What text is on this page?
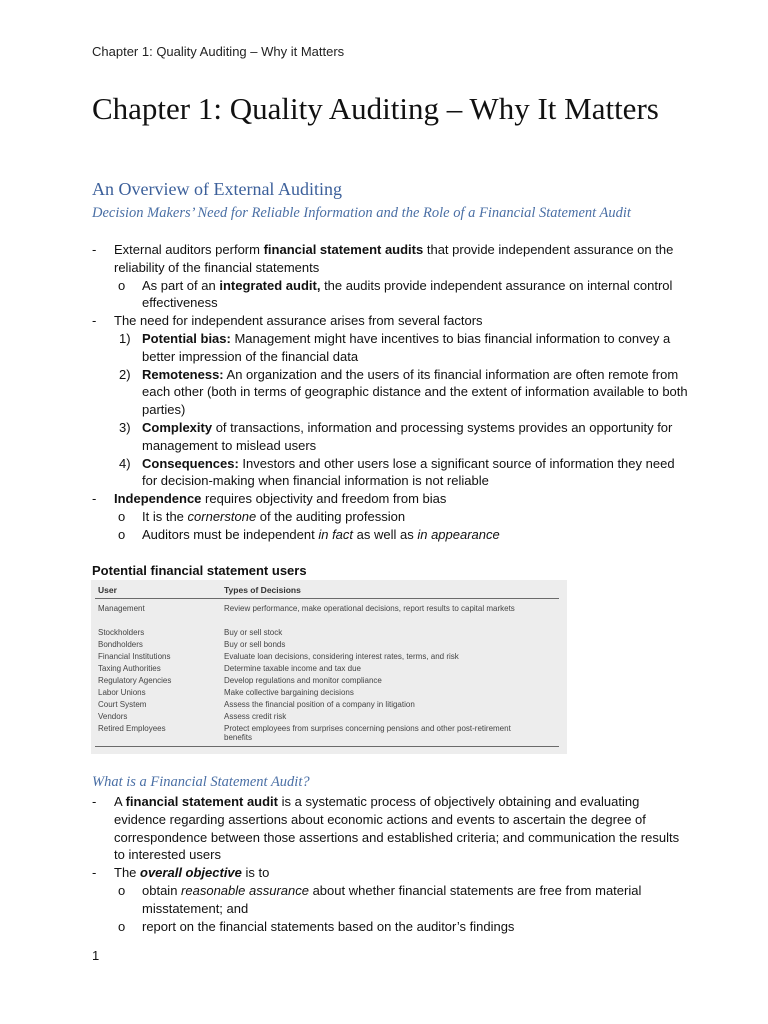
Chapter 1: Quality Auditing – Why it Matters
Chapter 1: Quality Auditing – Why It Matters
An Overview of External Auditing
Decision Makers’ Need for Reliable Information and the Role of a Financial Statement Audit
- External auditors perform financial statement audits that provide independent assurance on the reliability of the financial statements
o As part of an integrated audit, the audits provide independent assurance on internal control effectiveness
- The need for independent assurance arises from several factors
1) Potential bias: Management might have incentives to bias financial information to convey a better impression of the financial data
2) Remoteness: An organization and the users of its financial information are often remote from each other (both in terms of geographic distance and the extent of information available to both parties)
3) Complexity of transactions, information and processing systems provides an opportunity for management to mislead users
4) Consequences: Investors and other users lose a significant source of information they need for decision-making when financial information is not reliable
- Independence requires objectivity and freedom from bias
o It is the cornerstone of the auditing profession
o Auditors must be independent in fact as well as in appearance
Potential financial statement users
User	Types of Decisions
Management	Review performance, make operational decisions, report results to capital markets
Stockholders	Buy or sell stock
Bondholders	Buy or sell bonds
Financial Institutions	Evaluate loan decisions, considering interest rates, terms, and risk
Taxing Authorities	Determine taxable income and tax due
Regulatory Agencies	Develop regulations and monitor compliance
Labor Unions	Make collective bargaining decisions
Court System	Assess the financial position of a company in litigation
Vendors	Assess credit risk
Retired Employees	Protect employees from surprises concerning pensions and other post-retirement benefits
What is a Financial Statement Audit?
- A financial statement audit is a systematic process of objectively obtaining and evaluating evidence regarding assertions about economic actions and events to ascertain the degree of correspondence between those assertions and established criteria; and communication the results to interested users
- The overall objective is to
o obtain reasonable assurance about whether financial statements are free from material misstatement; and
o report on the financial statements based on the auditor’s findings
1
